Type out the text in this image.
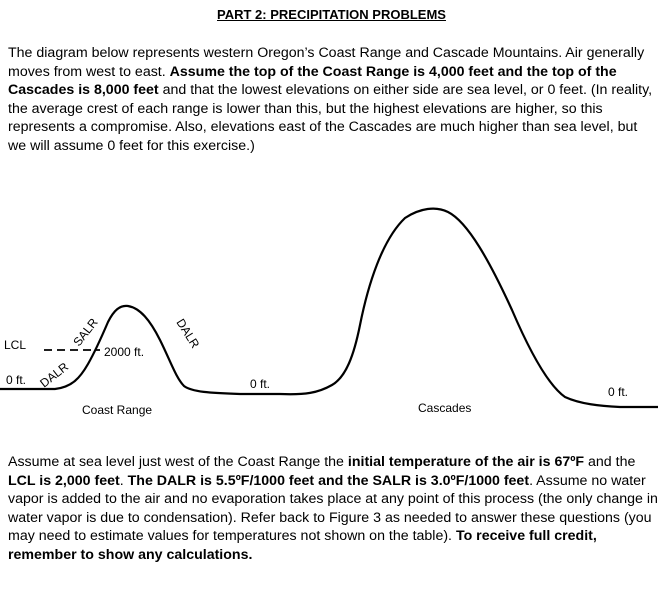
PART 2: PRECIPITATION PROBLEMS

The diagram below represents western Oregon’s Coast Range and Cascade Mountains. Air generally moves from west to east. Assume the top of the Coast Range is 4,000 feet and the top of the Cascades is 8,000 feet and that the lowest elevations on either side are sea level, or 0 feet. (In reality, the average crest of each range is lower than this, but the highest elevations are higher, so this represents a compromise. Also, elevations east of the Cascades are much higher than sea level, but we will assume 0 feet for this exercise.)

LCL	SALR
DALR
DALR
2000 ft.
0 ft.	0 ft.
0 ft.
Coast Range	Cascades

Assume at sea level just west of the Coast Range the initial temperature of the air is 67ºF and the LCL is 2,000 feet. The DALR is 5.5ºF/1000 feet and the SALR is 3.0ºF/1000 feet. Assume no water vapor is added to the air and no evaporation takes place at any point of this process (the only change in water vapor is due to condensation). Refer back to Figure 3 as needed to answer these questions (you may need to estimate values for temperatures not shown on the table). To receive full credit, remember to show any calculations.
